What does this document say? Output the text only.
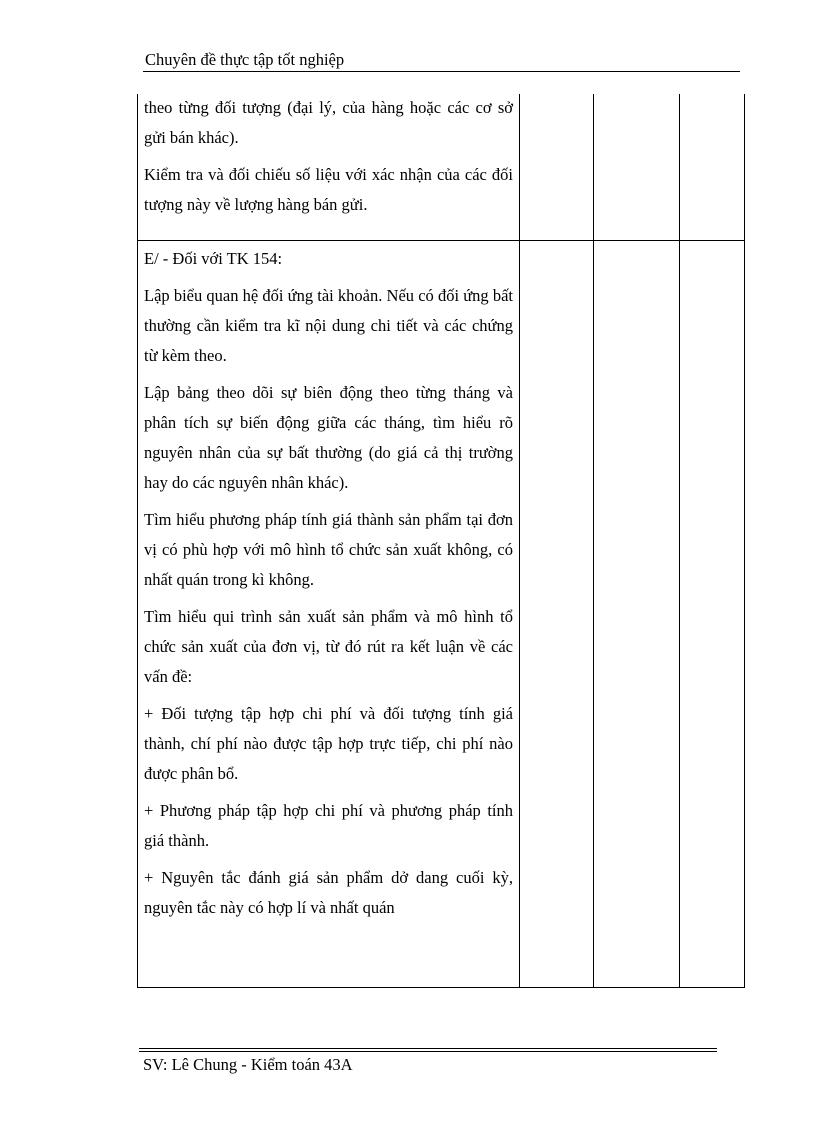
Chuyên đề thực tập tốt nghiệp

theo từng đối tượng (đại lý, của hàng hoặc các cơ sở gửi bán khác).

Kiểm tra và đối chiếu số liệu với xác nhận của các đối tượng này về lượng hàng bán gửi.

E/ - Đối với TK 154:

Lập biểu quan hệ đối ứng tài khoản. Nếu có đối ứng bất thường cần kiểm tra kĩ nội dung chi tiết và các chứng từ kèm theo.

Lập bảng theo dõi sự biên động theo từng tháng và phân tích sự biến động giữa các tháng, tìm hiểu rõ nguyên nhân của sự bất thường (do giá cả thị trường hay do các nguyên nhân khác).

Tìm hiểu phương pháp tính giá thành sản phẩm tại đơn vị có phù hợp với mô hình tổ chức sản xuất không, có nhất quán trong kì không.

Tìm hiểu qui trình sản xuất sản phẩm và mô hình tổ chức sản xuất của đơn vị, từ đó rút ra kết luận về các vấn đề:

+ Đối tượng tập hợp chi phí và đối tượng tính giá thành, chí phí nào được tập hợp trực tiếp, chi phí nào được phân bổ.

+ Phương pháp tập hợp chi phí và phương pháp tính giá thành.

+ Nguyên tắc đánh giá sản phẩm dở dang cuối kỳ, nguyên tắc này có hợp lí và nhất quán

SV: Lê Chung - Kiểm toán 43A
